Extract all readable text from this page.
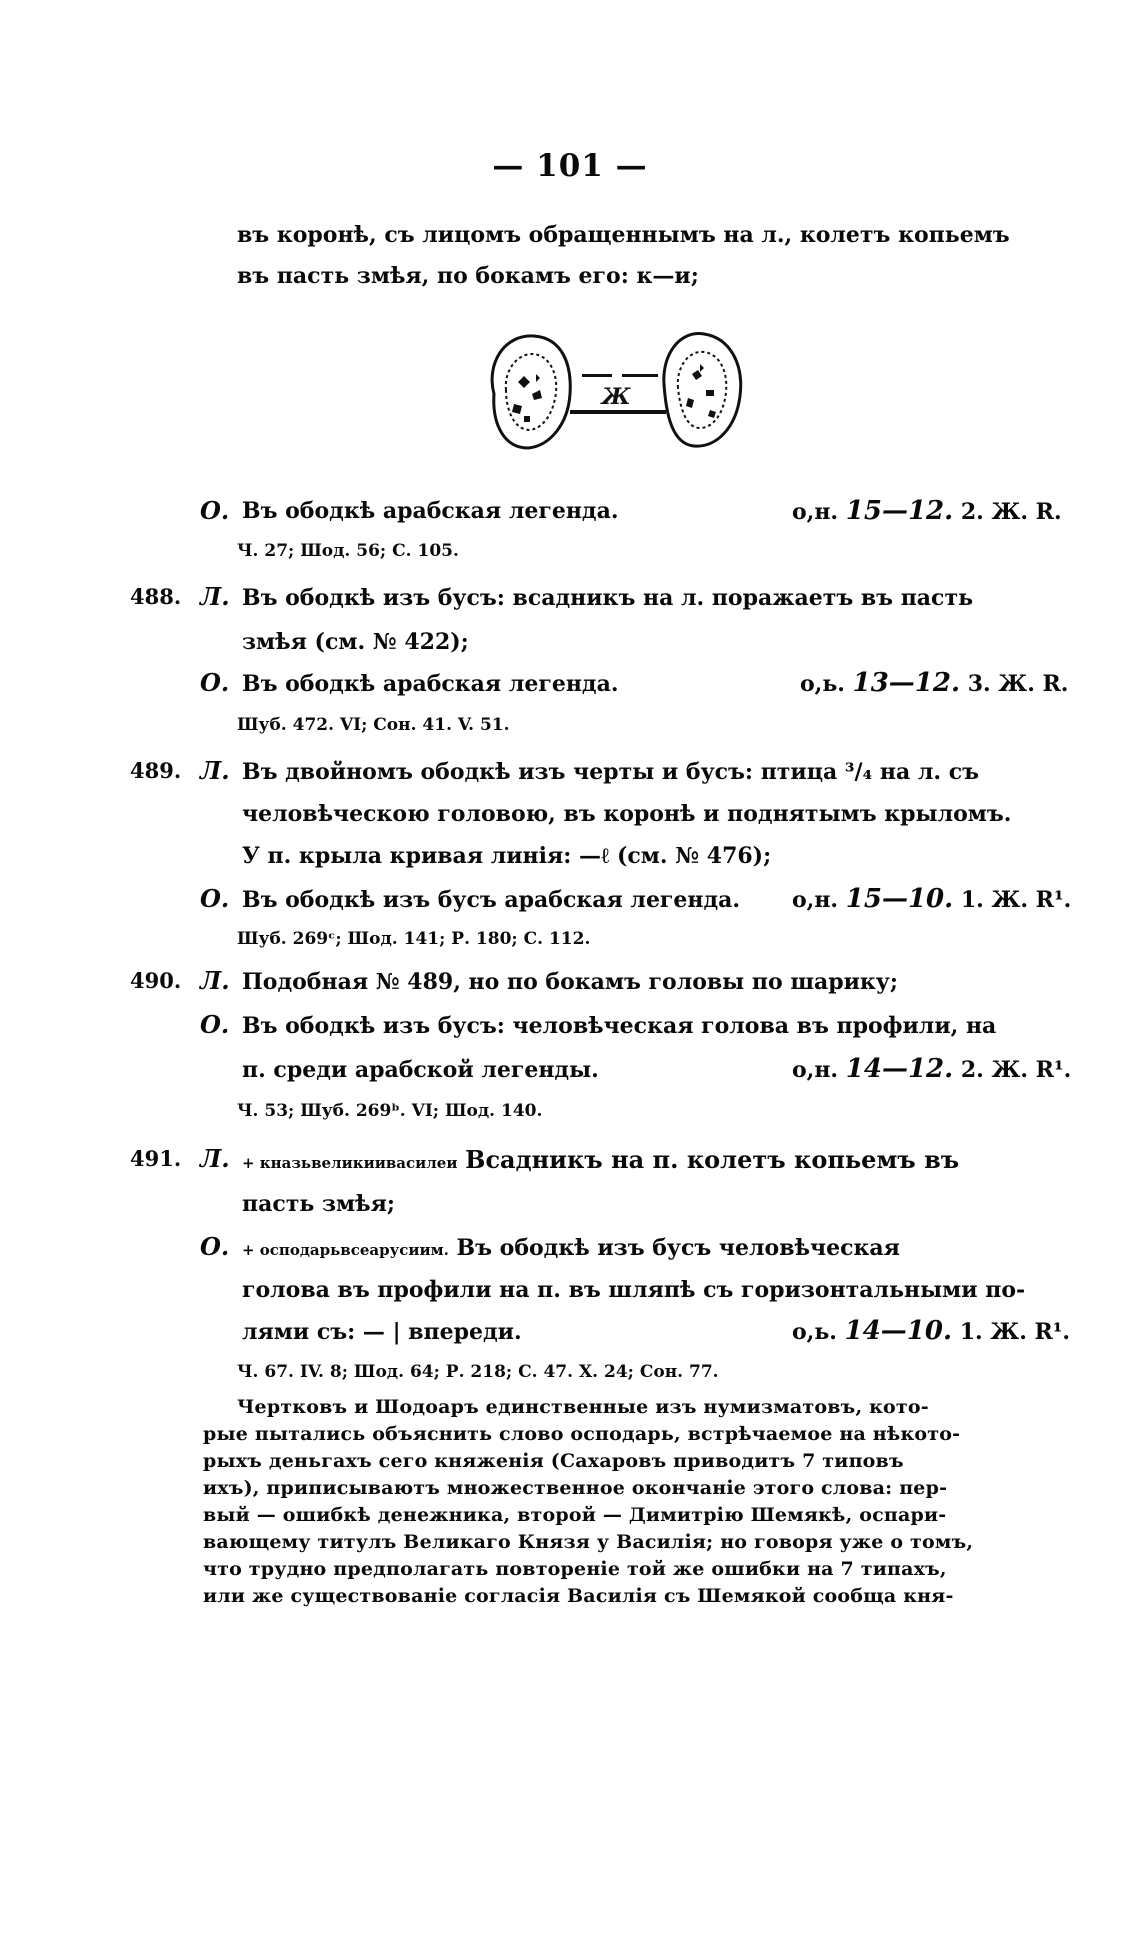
— 101 —
въ коронѣ, съ лицомъ обращеннымъ на л., колетъ копьемъ
въ пасть змѣя, по бокамъ его: к—и;
Ж
О. Въ ободкѣ арабская легенда.	о,н. 15—12. 2. Ж. R.
Ч. 27; Шод. 56; С. 105.
488. Л. Въ ободкѣ изъ бусъ: всадникъ на л. поражаетъ въ пасть
змѣя (см. № 422);
О. Въ ободкѣ арабская легенда.	о,ь. 13—12. 3. Ж. R.
Шуб. 472. VI; Сон. 41. V. 51.
489. Л. Въ двойномъ ободкѣ изъ черты и бусъ: птица ³/₄ на л. съ
человѣческою головою, въ коронѣ и поднятымъ крыломъ.
У п. крыла кривая линія: —ℓ (см. № 476);
О. Въ ободкѣ изъ бусъ арабская легенда. о,н. 15—10. 1. Ж. R¹.
Шуб. 269ᶜ; Шод. 141; Р. 180; С. 112.
490. Л. Подобная № 489, но по бокамъ головы по шарику;
О. Въ ободкѣ изъ бусъ: человѣческая голова въ профили, на
п. среди арабской легенды.	о,н. 14—12. 2. Ж. R¹.
Ч. 53; Шуб. 269ᵇ. VI; Шод. 140.
491. Л. + кназьвеликиивасилеи Всадникъ на п. колетъ копьемъ въ
пасть змѣя;
О. + осподарьвсеарусиим. Въ ободкѣ изъ бусъ человѣческая
голова въ профили на п. въ шляпѣ съ горизонтальными по-
лями съ: — | впереди.	о,ь. 14—10. 1. Ж. R¹.
Ч. 67. IV. 8; Шод. 64; Р. 218; С. 47. Х. 24; Сон. 77.
Чертковъ и Шодоаръ единственные изъ нумизматовъ, кото-
рые пытались объяснить слово осподарь, встрѣчаемое на нѣкото-
рыхъ деньгахъ сего княженія (Сахаровъ приводитъ 7 типовъ
ихъ), приписываютъ множественное окончаніе этого слова: пер-
вый — ошибкѣ денежника, второй — Димитрію Шемякѣ, оспари-
вающему титулъ Великаго Князя у Василія; но говоря уже о томъ,
что трудно предполагать повтореніе той же ошибки на 7 типахъ,
или же существованіе согласія Василія съ Шемякой сообща кня-
